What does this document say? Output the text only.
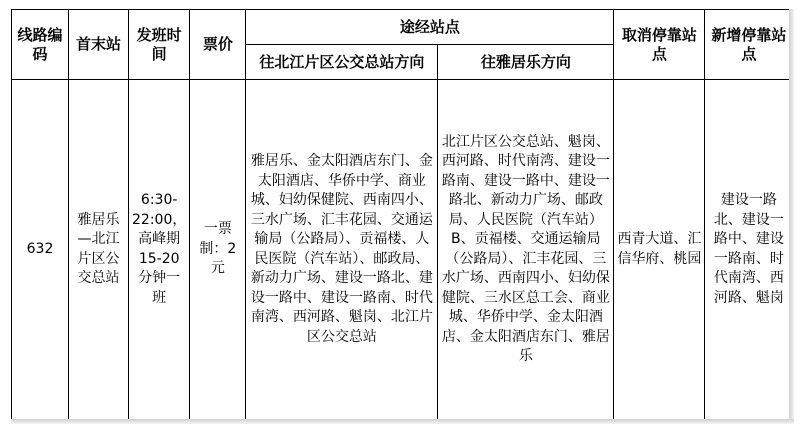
线路编码	首末站	发班时间	票价	途经站点		取消停靠站点	新增停靠站点
				往北江片区公交总站方向	往雅居乐方向		
632	雅居乐—北江片区公交总站	6:30-22:00，高峰期15-20分钟一班	一票制：2元	雅居乐、金太阳酒店东门、金太阳酒店、华侨中学、商业城、妇幼保健院、西南四小、三水广场、汇丰花园、交通运输局（公路局）、贡福楼、人民医院（汽车站）、邮政局、新动力广场、建设一路北、建设一路中、建设一路南、时代南湾、西河路、魁岗、北江片区公交总站	北江片区公交总站、魁岗、西河路、时代南湾、建设一路南、建设一路中、建设一路北、新动力广场、邮政局、人民医院（汽车站）B、贡福楼、交通运输局（公路局）、汇丰花园、三水广场、西南四小、妇幼保健院、三水区总工会、商业城、华侨中学、金太阳酒店、金太阳酒店东门、雅居乐	西青大道、汇信华府、桃园	建设一路北、建设一路中、建设一路南、时代南湾、西河路、魁岗
